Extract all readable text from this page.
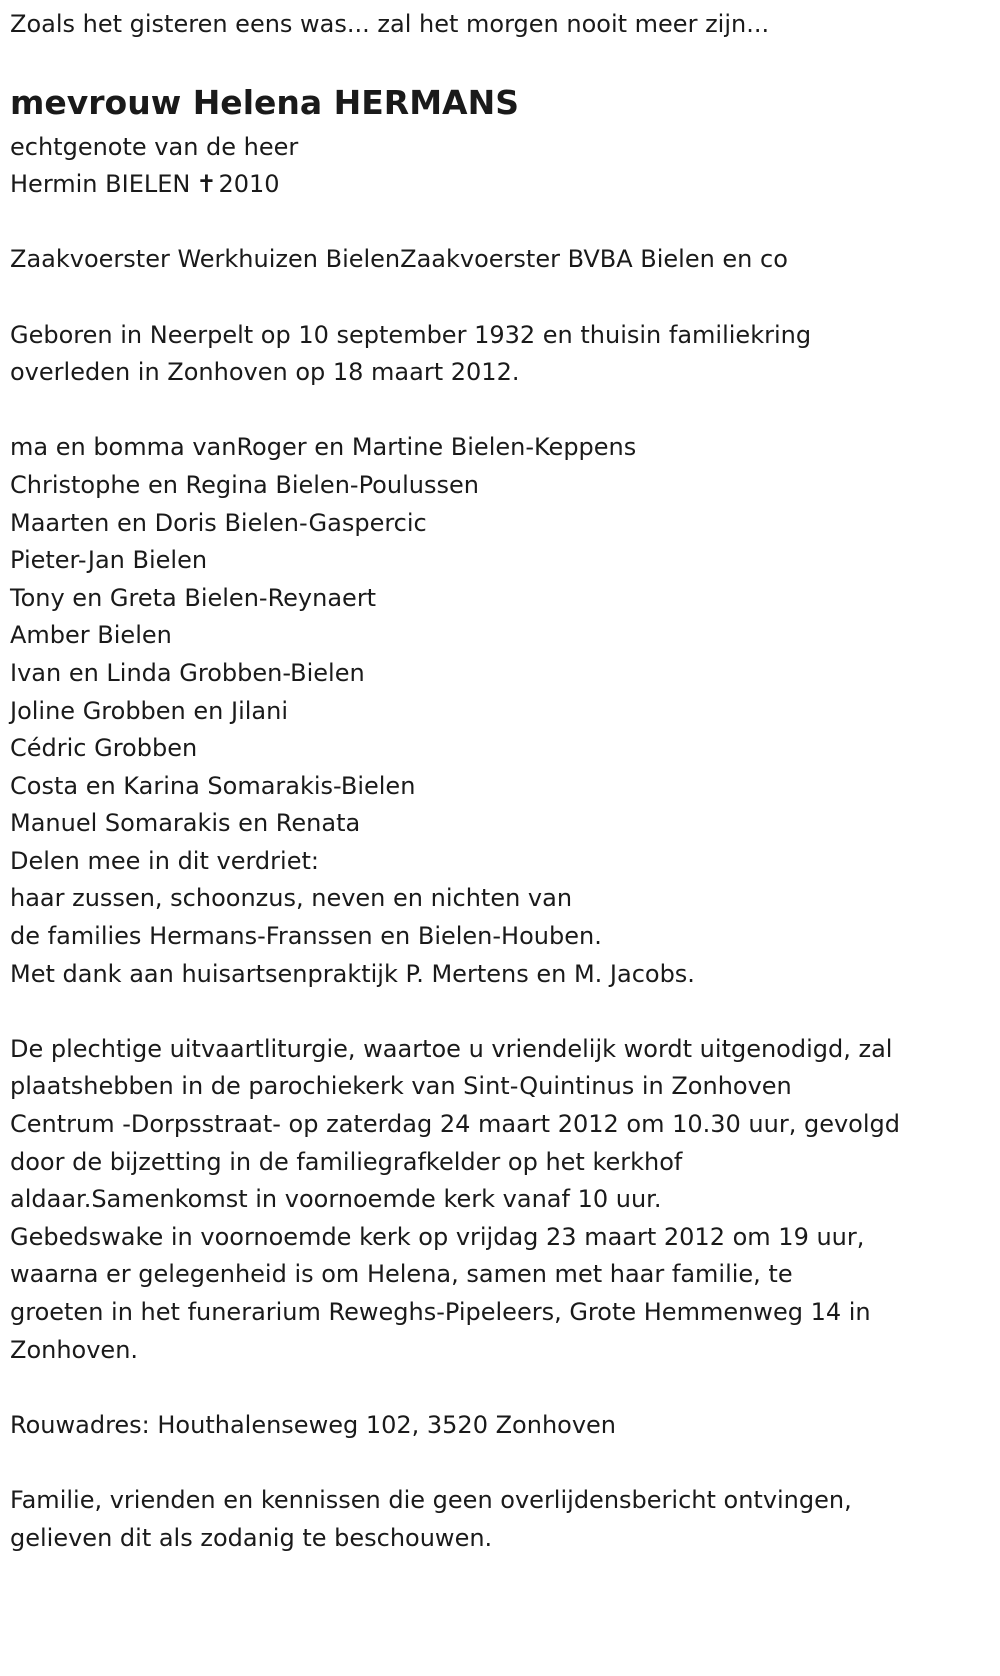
Zoals het gisteren eens was... zal het morgen nooit meer zijn...

mevrouw Helena HERMANS

echtgenote van de heer

Hermin BIELEN ✝2010

Zaakvoerster Werkhuizen BielenZaakvoerster BVBA Bielen en co

Geboren in Neerpelt op 10 september 1932 en thuisin familiekring

overleden in Zonhoven op 18 maart 2012.

ma en bomma vanRoger en Martine Bielen-Keppens

Christophe en Regina Bielen-Poulussen

Maarten en Doris Bielen-Gaspercic

Pieter-Jan Bielen

Tony en Greta Bielen-Reynaert

Amber Bielen

Ivan en Linda Grobben-Bielen

Joline Grobben en Jilani

Cédric Grobben

Costa en Karina Somarakis-Bielen

Manuel Somarakis en Renata

Delen mee in dit verdriet:

haar zussen, schoonzus, neven en nichten van

de families Hermans-Franssen en Bielen-Houben.

Met dank aan huisartsenpraktijk P. Mertens en M. Jacobs.

De plechtige uitvaartliturgie, waartoe u vriendelijk wordt uitgenodigd, zal

plaatshebben in de parochiekerk van Sint-Quintinus in Zonhoven

Centrum -Dorpsstraat- op zaterdag 24 maart 2012 om 10.30 uur, gevolgd

door de bijzetting in de familiegrafkelder op het kerkhof

aldaar.Samenkomst in voornoemde kerk vanaf 10 uur.

Gebedswake in voornoemde kerk op vrijdag 23 maart 2012 om 19 uur,

waarna er gelegenheid is om Helena, samen met haar familie, te

groeten in het funerarium Reweghs-Pipeleers, Grote Hemmenweg 14 in

Zonhoven.

Rouwadres: Houthalenseweg 102, 3520 Zonhoven

Familie, vrienden en kennissen die geen overlijdensbericht ontvingen,

gelieven dit als zodanig te beschouwen.
